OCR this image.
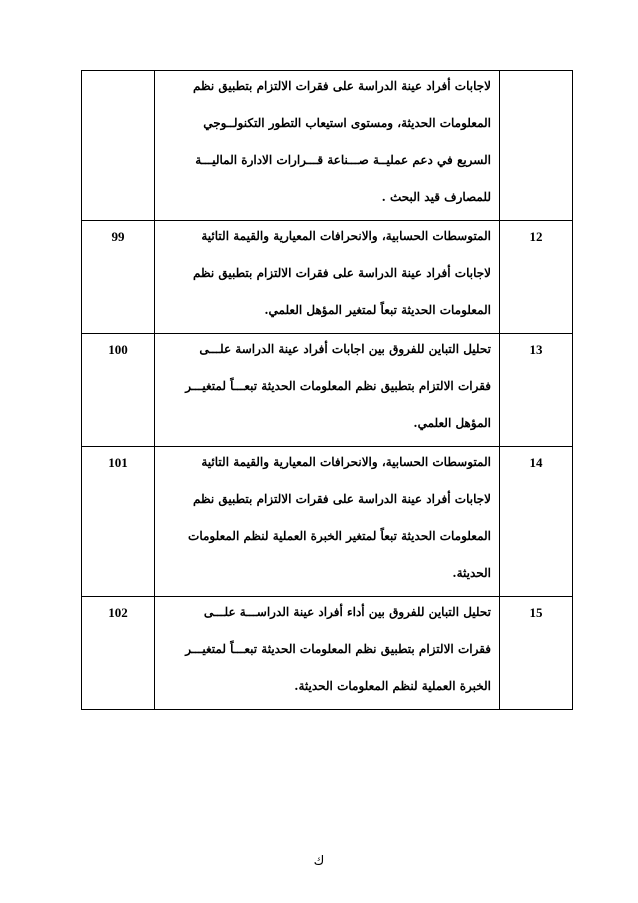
	لاجابات أفراد عينة الدراسة على فقرات الالتزام بتطبيق نظم
المعلومات الحديثة، ومستوى استيعاب التطور التكنولــوجي
السريع في دعم عمليــة صـــناعة قـــرارات الادارة الماليـــة
للمصارف قيد البحث .	

12	المتوسطات الحسابية، والانحرافات المعيارية والقيمة التائية
لاجابات أفراد عينة الدراسة على فقرات الالتزام بتطبيق نظم
المعلومات الحديثة تبعاً لمتغير المؤهل العلمي.	99
13	تحليل التباين للفروق بين اجابات أفراد عينة الدراسة علـــى
فقرات الالتزام بتطبيق نظم المعلومات الحديثة تبعـــاً لمتغيـــر
المؤهل العلمي.	100
14	المتوسطات الحسابية، والانحرافات المعيارية والقيمة التائية
لاجابات أفراد عينة الدراسة على فقرات الالتزام بتطبيق نظم
المعلومات الحديثة تبعاً لمتغير الخبرة العملية لنظم المعلومات
الحديثة.	101
15	تحليل التباين للفروق بين أداء أفراد عينة الدراســـة علـــى
فقرات الالتزام بتطبيق نظم المعلومات الحديثة تبعـــاً لمتغيـــر
الخبرة العملية لنظم المعلومات الحديثة.	102
ك
